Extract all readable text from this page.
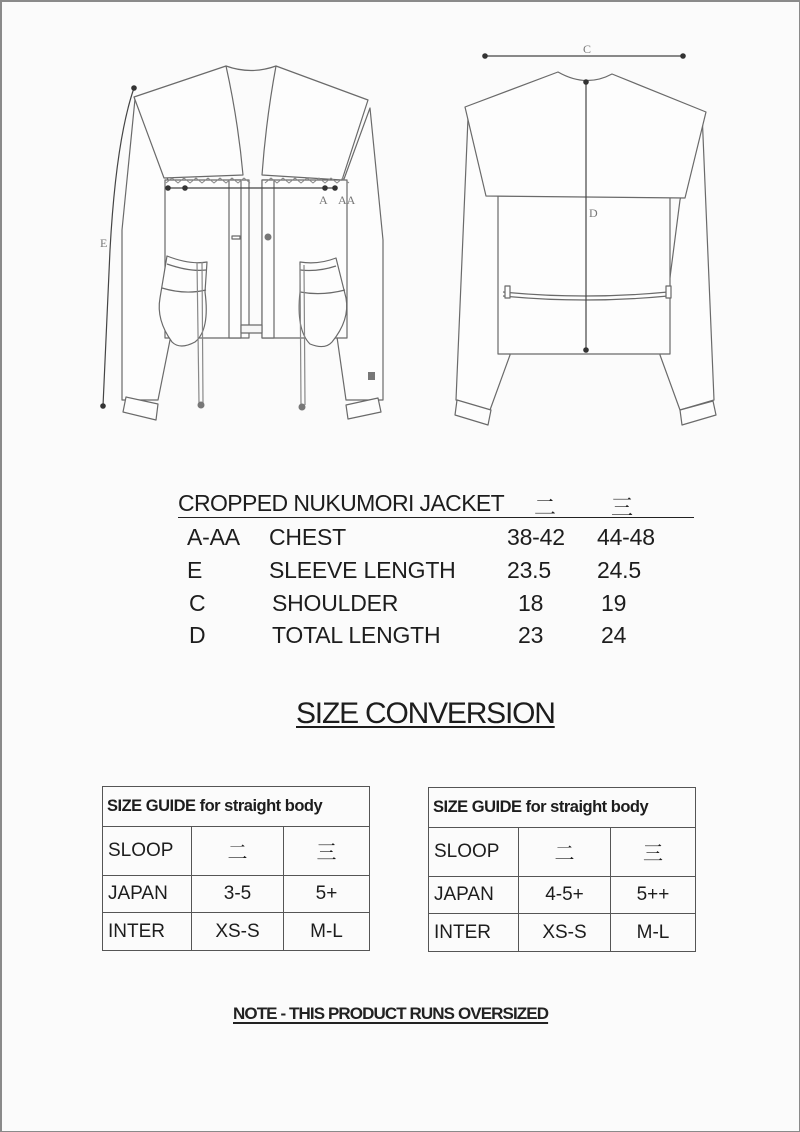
A AA
E
C
D
CROPPED NUKUMORI JACKET 二 三
A-AA CHEST	38-42 44-48
E	SLEEVE LENGTH 23.5 24.5
C	SHOULDER	18	19
D	TOTAL LENGTH	23	24
SIZE CONVERSION
SIZE GUIDE for straight body		
SLOOP	二	三
JAPAN	3-5	5+
INTER	XS-S	M-L
SIZE GUIDE for straight body		
SLOOP	二	三
JAPAN	4-5+	5++
INTER	XS-S	M-L
NOTE - THIS PRODUCT RUNS OVERSIZED
